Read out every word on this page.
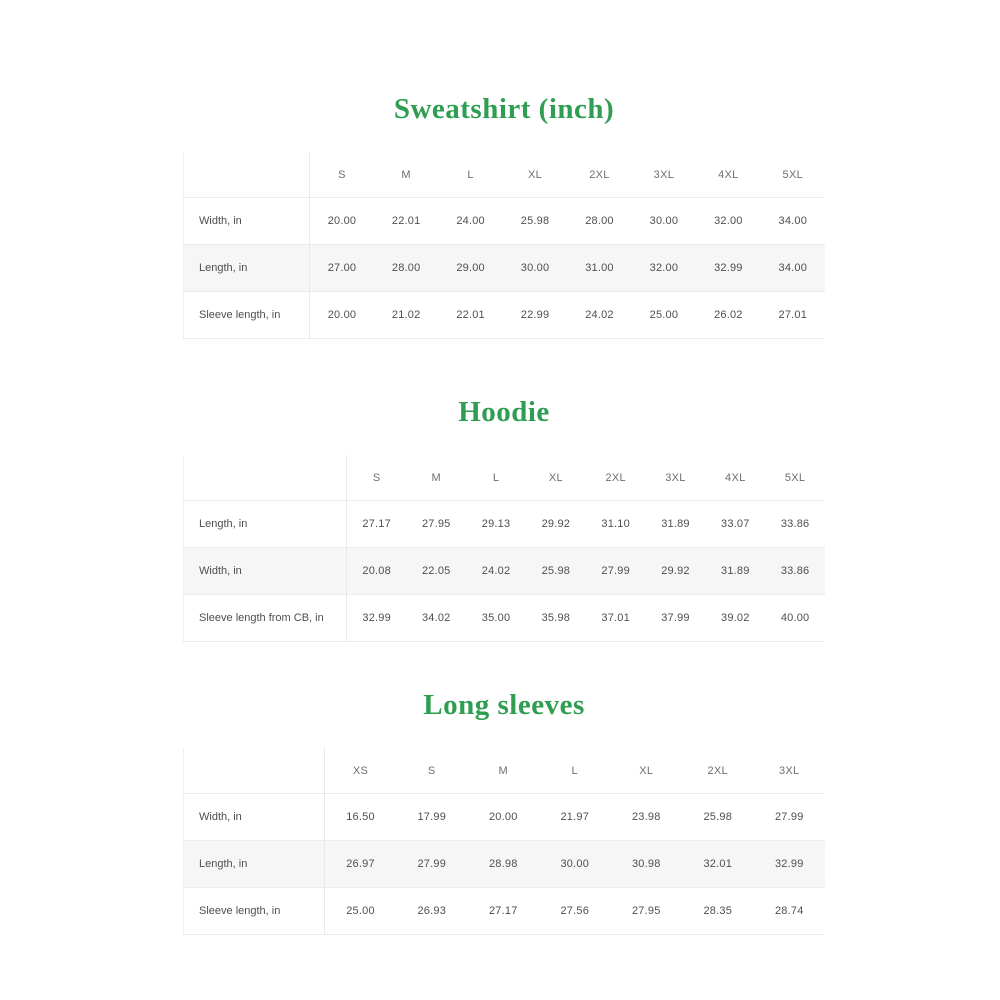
Sweatshirt (inch)
	S	M	L	XL	2XL	3XL	4XL	5XL
Width, in	20.00	22.01	24.00	25.98	28.00	30.00	32.00	34.00
Length, in	27.00	28.00	29.00	30.00	31.00	32.00	32.99	34.00
Sleeve length, in	20.00	21.02	22.01	22.99	24.02	25.00	26.02	27.01
Hoodie
	S	M	L	XL	2XL	3XL	4XL	5XL
Length, in	27.17	27.95	29.13	29.92	31.10	31.89	33.07	33.86
Width, in	20.08	22.05	24.02	25.98	27.99	29.92	31.89	33.86
Sleeve length from CB, in	32.99	34.02	35.00	35.98	37.01	37.99	39.02	40.00
Long sleeves
	XS	S	M	L	XL	2XL	3XL
Width, in	16.50	17.99	20.00	21.97	23.98	25.98	27.99
Length, in	26.97	27.99	28.98	30.00	30.98	32.01	32.99
Sleeve length, in	25.00	26.93	27.17	27.56	27.95	28.35	28.74
